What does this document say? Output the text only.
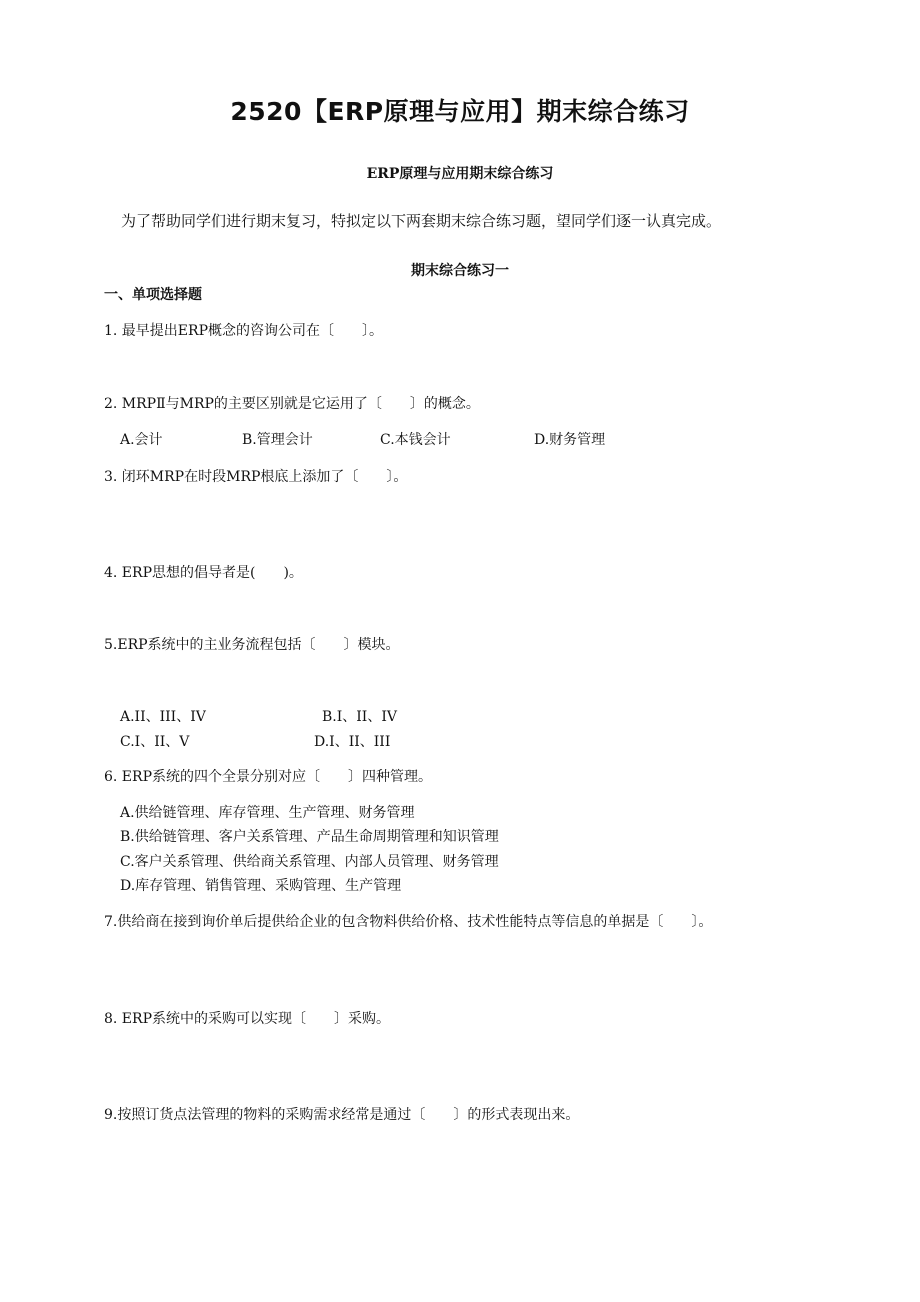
2520【ERP原理与应用】期末综合练习
ERP原理与应用期末综合练习
为了帮助同学们进行期末复习，特拟定以下两套期末综合练习题，望同学们逐一认真完成。
期末综合练习一
一、单项选择题
1. 最早提出ERP概念的咨询公司在〔　　〕。
2. MRPⅡ与MRP的主要区别就是它运用了〔　　〕的概念。
A.会计	B.管理会计	C.本钱会计	D.财务管理
3. 闭环MRP在时段MRP根底上添加了〔　　〕。
4. ERP思想的倡导者是(　　)。
5.ERP系统中的主业务流程包括〔　　〕模块。
A.II、III、IV	B.I、II、IV
C.I、II、V	D.I、II、III
6. ERP系统的四个全景分别对应〔　　〕四种管理。
A.供给链管理、库存管理、生产管理、财务管理
B.供给链管理、客户关系管理、产品生命周期管理和知识管理
C.客户关系管理、供给商关系管理、内部人员管理、财务管理
D.库存管理、销售管理、采购管理、生产管理
7.供给商在接到询价单后提供给企业的包含物料供给价格、技术性能特点等信息的单据是〔　　〕。
8. ERP系统中的采购可以实现〔　　〕采购。
9.按照订货点法管理的物料的采购需求经常是通过〔　　〕的形式表现出来。
